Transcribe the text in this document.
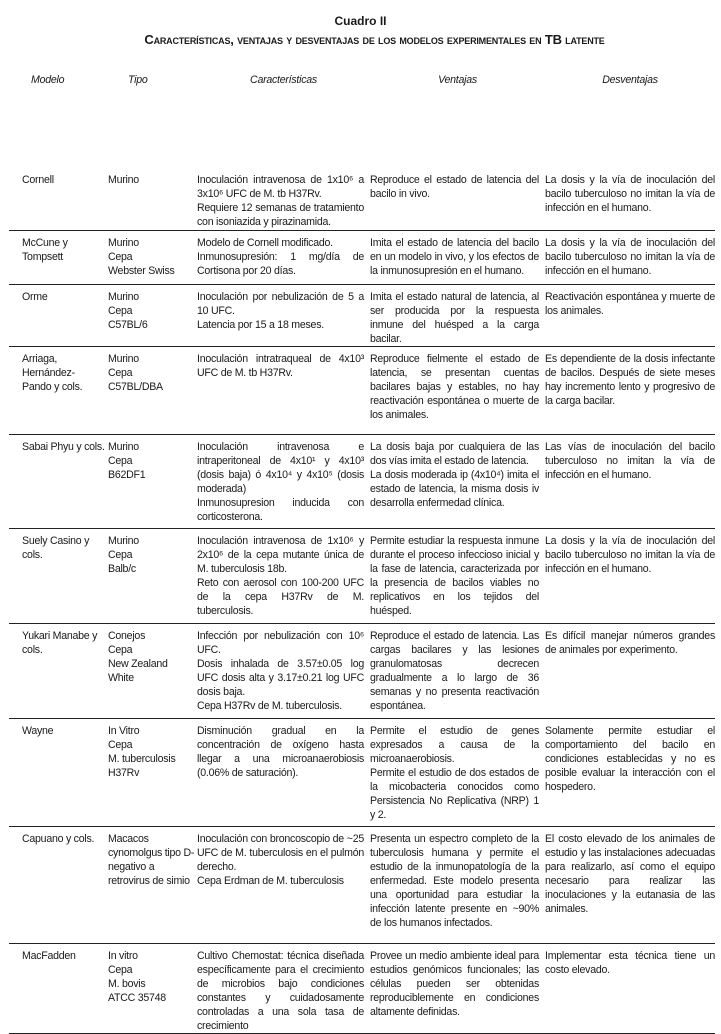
Cuadro II
Características, ventajas y desventajas de los modelos experimentales en TB latente
Modelo	Tipo	Características	Ventajas	Desventajas

Cornell	Murino	Inoculación intravenosa de 1x10⁶ a 3x10⁶ UFC de M. tb H37Rv.
Requiere 12 semanas de tratamiento con isoniazida y pirazinamida.	Reproduce el estado de latencia del bacilo in vivo.	La dosis y la vía de inoculación del bacilo tuberculoso no imitan la vía de infección en el humano.

McCune y Tompsett	Murino
Cepa
Webster Swiss	Modelo de Cornell modificado.
Inmunosupresión: 1 mg/día de Cortisona por 20 días.	Imita el estado de latencia del bacilo en un modelo in vivo, y los efectos de la inmunosupresión en el humano.	La dosis y la vía de inoculación del bacilo tuberculoso no imitan la vía de infección en el humano.

Orme	Murino
Cepa
C57BL/6	Inoculación por nebulización de 5 a 10 UFC.
Latencia por 15 a 18 meses.	Imita el estado natural de latencia, al ser producida por la respuesta inmune del huésped a la carga bacilar.	Reactivación espontánea y muerte de los animales.

Arriaga,
Hernández-
Pando y cols.	Murino
Cepa
C57BL/DBA	Inoculación intratraqueal de 4x10³ UFC de M. tb H37Rv.	Reproduce fielmente el estado de latencia, se presentan cuentas bacilares bajas y estables, no hay reactivación espontánea o muerte de los animales.	Es dependiente de la dosis infectante de bacilos. Después de siete meses hay incremento lento y progresivo de la carga bacilar.

Sabai Phyu y cols.	Murino
Cepa
B62DF1	Inoculación intravenosa e intraperitoneal de 4x10¹ y 4x10³ (dosis baja) ó 4x10⁴ y 4x10⁵ (dosis moderada)
Inmunosupresion inducida con corticosterona.	La dosis baja por cualquiera de las dos vías imita el estado de latencia.
La dosis moderada ip (4x10⁴) imita el estado de latencia, la misma dosis iv desarrolla enfermedad clínica.	Las vías de inoculación del bacilo tuberculoso no imitan la vía de infección en el humano.

Suely Casino y cols.	Murino
Cepa
Balb/c	Inoculación intravenosa de 1x10⁶ y 2x10⁶ de la cepa mutante única de M. tuberculosis 18b.
Reto con aerosol con 100-200 UFC de la cepa H37Rv de M. tuberculosis.	Permite estudiar la respuesta inmune durante el proceso infeccioso inicial y la fase de latencia, caracterizada por la presencia de bacilos viables no replicativos en los tejidos del huésped.	La dosis y la vía de inoculación del bacilo tuberculoso no imitan la vía de infección en el humano.

Yukari Manabe y cols.	Conejos
Cepa
New Zealand
White	Infección por nebulización con 10⁶ UFC.
Dosis inhalada de 3.57±0.05 log UFC dosis alta y 3.17±0.21 log UFC dosis baja.
Cepa H37Rv de M. tuberculosis.	Reproduce el estado de latencia. Las cargas bacilares y las lesiones granulomatosas decrecen gradualmente a lo largo de 36 semanas y no presenta reactivación espontánea.	Es difícil manejar números grandes de animales por experimento.

Wayne	In Vitro
Cepa
M. tuberculosis
H37Rv	Disminución gradual en la concentración de oxígeno hasta llegar a una microanaerobiosis (0.06% de saturación).	Permite el estudio de genes expresados a causa de la microanaerobiosis.
Permite el estudio de dos estados de la micobacteria conocidos como Persistencia No Replicativa (NRP) 1 y 2.	Solamente permite estudiar el comportamiento del bacilo en condiciones establecidas y no es posible evaluar la interacción con el hospedero.

Capuano y cols.	Macacos cynomolgus tipo D-negativo a retrovirus de simio	Inoculación con broncoscopio de ~25 UFC de M. tuberculosis en el pulmón derecho.
Cepa Erdman de M. tuberculosis	Presenta un espectro completo de la tuberculosis humana y permite el estudio de la inmunopatología de la enfermedad. Este modelo presenta una oportunidad para estudiar la infección latente presente en ~90% de los humanos infectados.	El costo elevado de los animales de estudio y las instalaciones adecuadas para realizarlo, así como el equipo necesario para realizar las inoculaciones y la eutanasia de las animales.

MacFadden	In vitro
Cepa
M. bovis
ATCC 35748	Cultivo Chemostat: técnica diseñada específicamente para el crecimiento de microbios bajo condiciones constantes y cuidadosamente controladas a una sola tasa de crecimiento	Provee un medio ambiente ideal para estudios genómicos funcionales; las células pueden ser obtenidas reproduciblemente en condiciones altamente definidas.	Implementar esta técnica tiene un costo elevado.
